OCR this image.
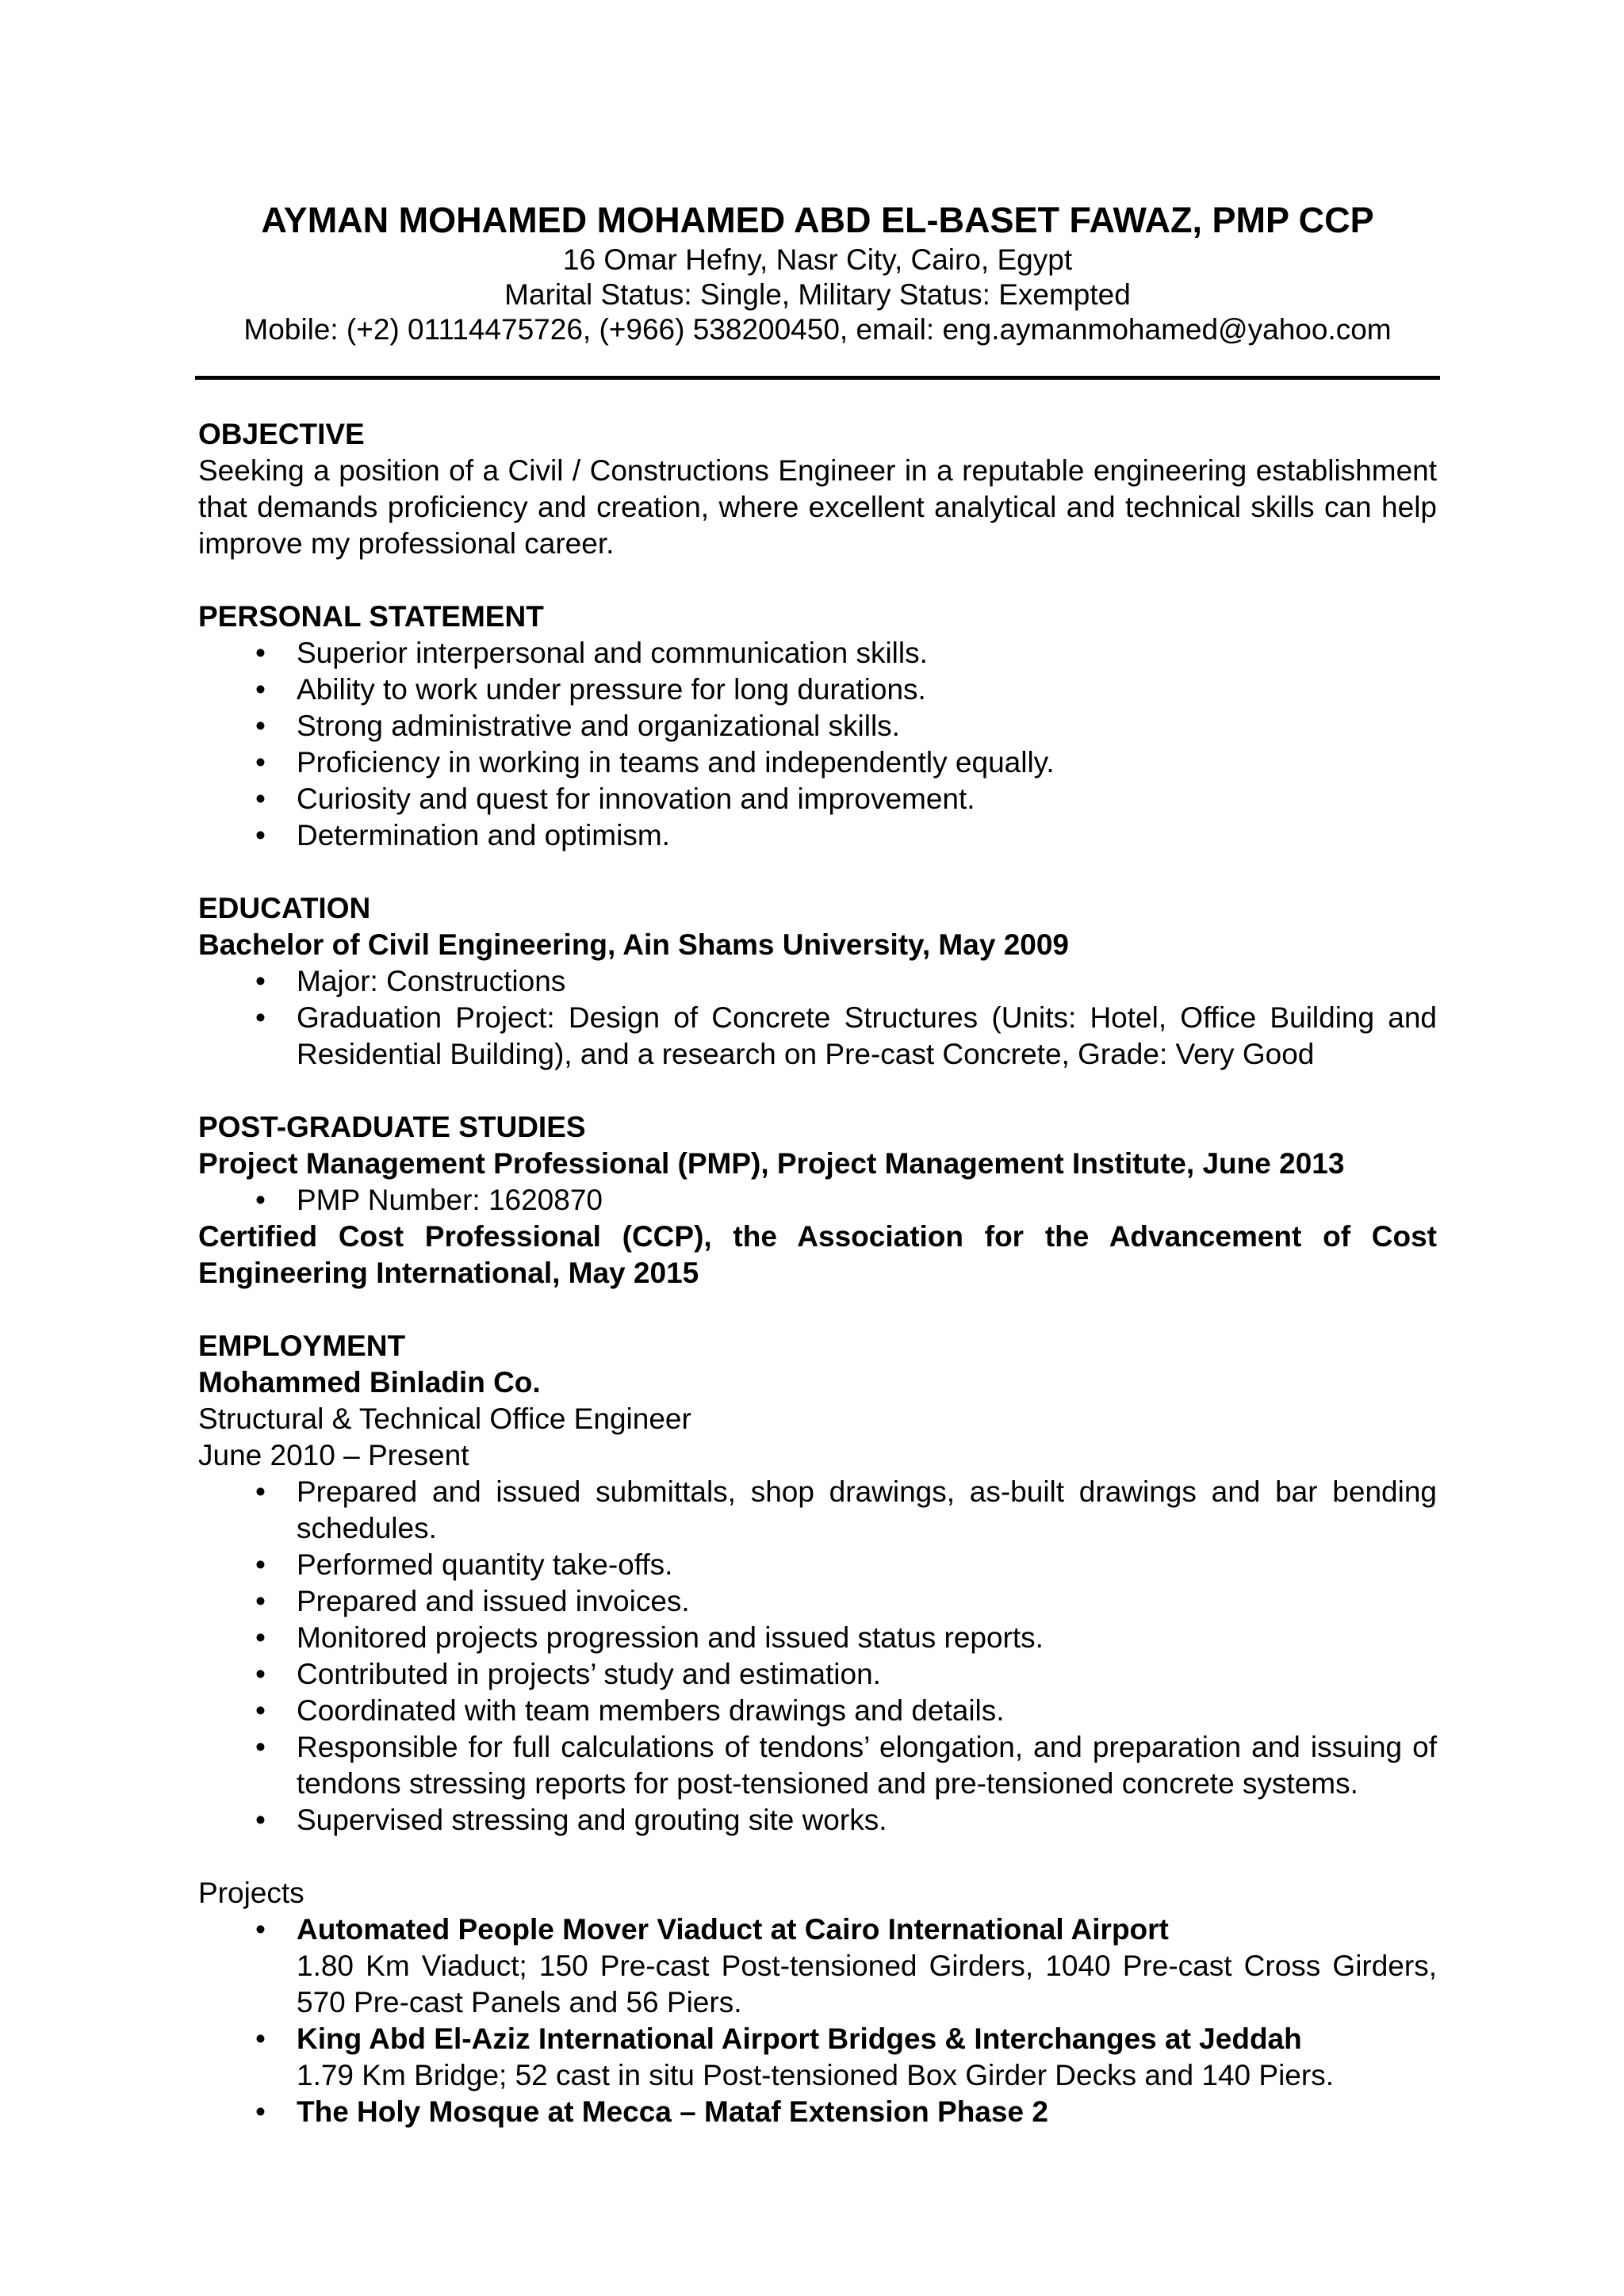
AYMAN MOHAMED MOHAMED ABD EL-BASET FAWAZ, PMP CCP
16 Omar Hefny, Nasr City, Cairo, Egypt
Marital Status: Single, Military Status: Exempted
Mobile: (+2) 01114475726, (+966) 538200450, email: eng.aymanmohamed@yahoo.com
OBJECTIVE
Seeking a position of a Civil / Constructions Engineer in a reputable engineering establishment that demands proficiency and creation, where excellent analytical and technical skills can help improve my professional career.
PERSONAL STATEMENT
•	Superior interpersonal and communication skills.
•	Ability to work under pressure for long durations.
•	Strong administrative and organizational skills.
•	Proficiency in working in teams and independently equally.
•	Curiosity and quest for innovation and improvement.
•	Determination and optimism.
EDUCATION
Bachelor of Civil Engineering, Ain Shams University, May 2009
•	Major: Constructions
•	Graduation Project: Design of Concrete Structures (Units: Hotel, Office Building and Residential Building), and a research on Pre-cast Concrete, Grade: Very Good
POST-GRADUATE STUDIES
Project Management Professional (PMP), Project Management Institute, June 2013
•	PMP Number: 1620870
Certified Cost Professional (CCP), the Association for the Advancement of Cost Engineering International, May 2015
EMPLOYMENT
Mohammed Binladin Co.
Structural & Technical Office Engineer
June 2010 – Present
•	Prepared and issued submittals, shop drawings, as-built drawings and bar bending schedules.
•	Performed quantity take-offs.
•	Prepared and issued invoices.
•	Monitored projects progression and issued status reports.
•	Contributed in projects’ study and estimation.
•	Coordinated with team members drawings and details.
•	Responsible for full calculations of tendons’ elongation, and preparation and issuing of tendons stressing reports for post-tensioned and pre-tensioned concrete systems.
•	Supervised stressing and grouting site works.
Projects
•	Automated People Mover Viaduct at Cairo International Airport
1.80 Km Viaduct; 150 Pre-cast Post-tensioned Girders, 1040 Pre-cast Cross Girders, 570 Pre-cast Panels and 56 Piers.
•	King Abd El-Aziz International Airport Bridges & Interchanges at Jeddah
1.79 Km Bridge; 52 cast in situ Post-tensioned Box Girder Decks and 140 Piers.
•	The Holy Mosque at Mecca – Mataf Extension Phase 2
